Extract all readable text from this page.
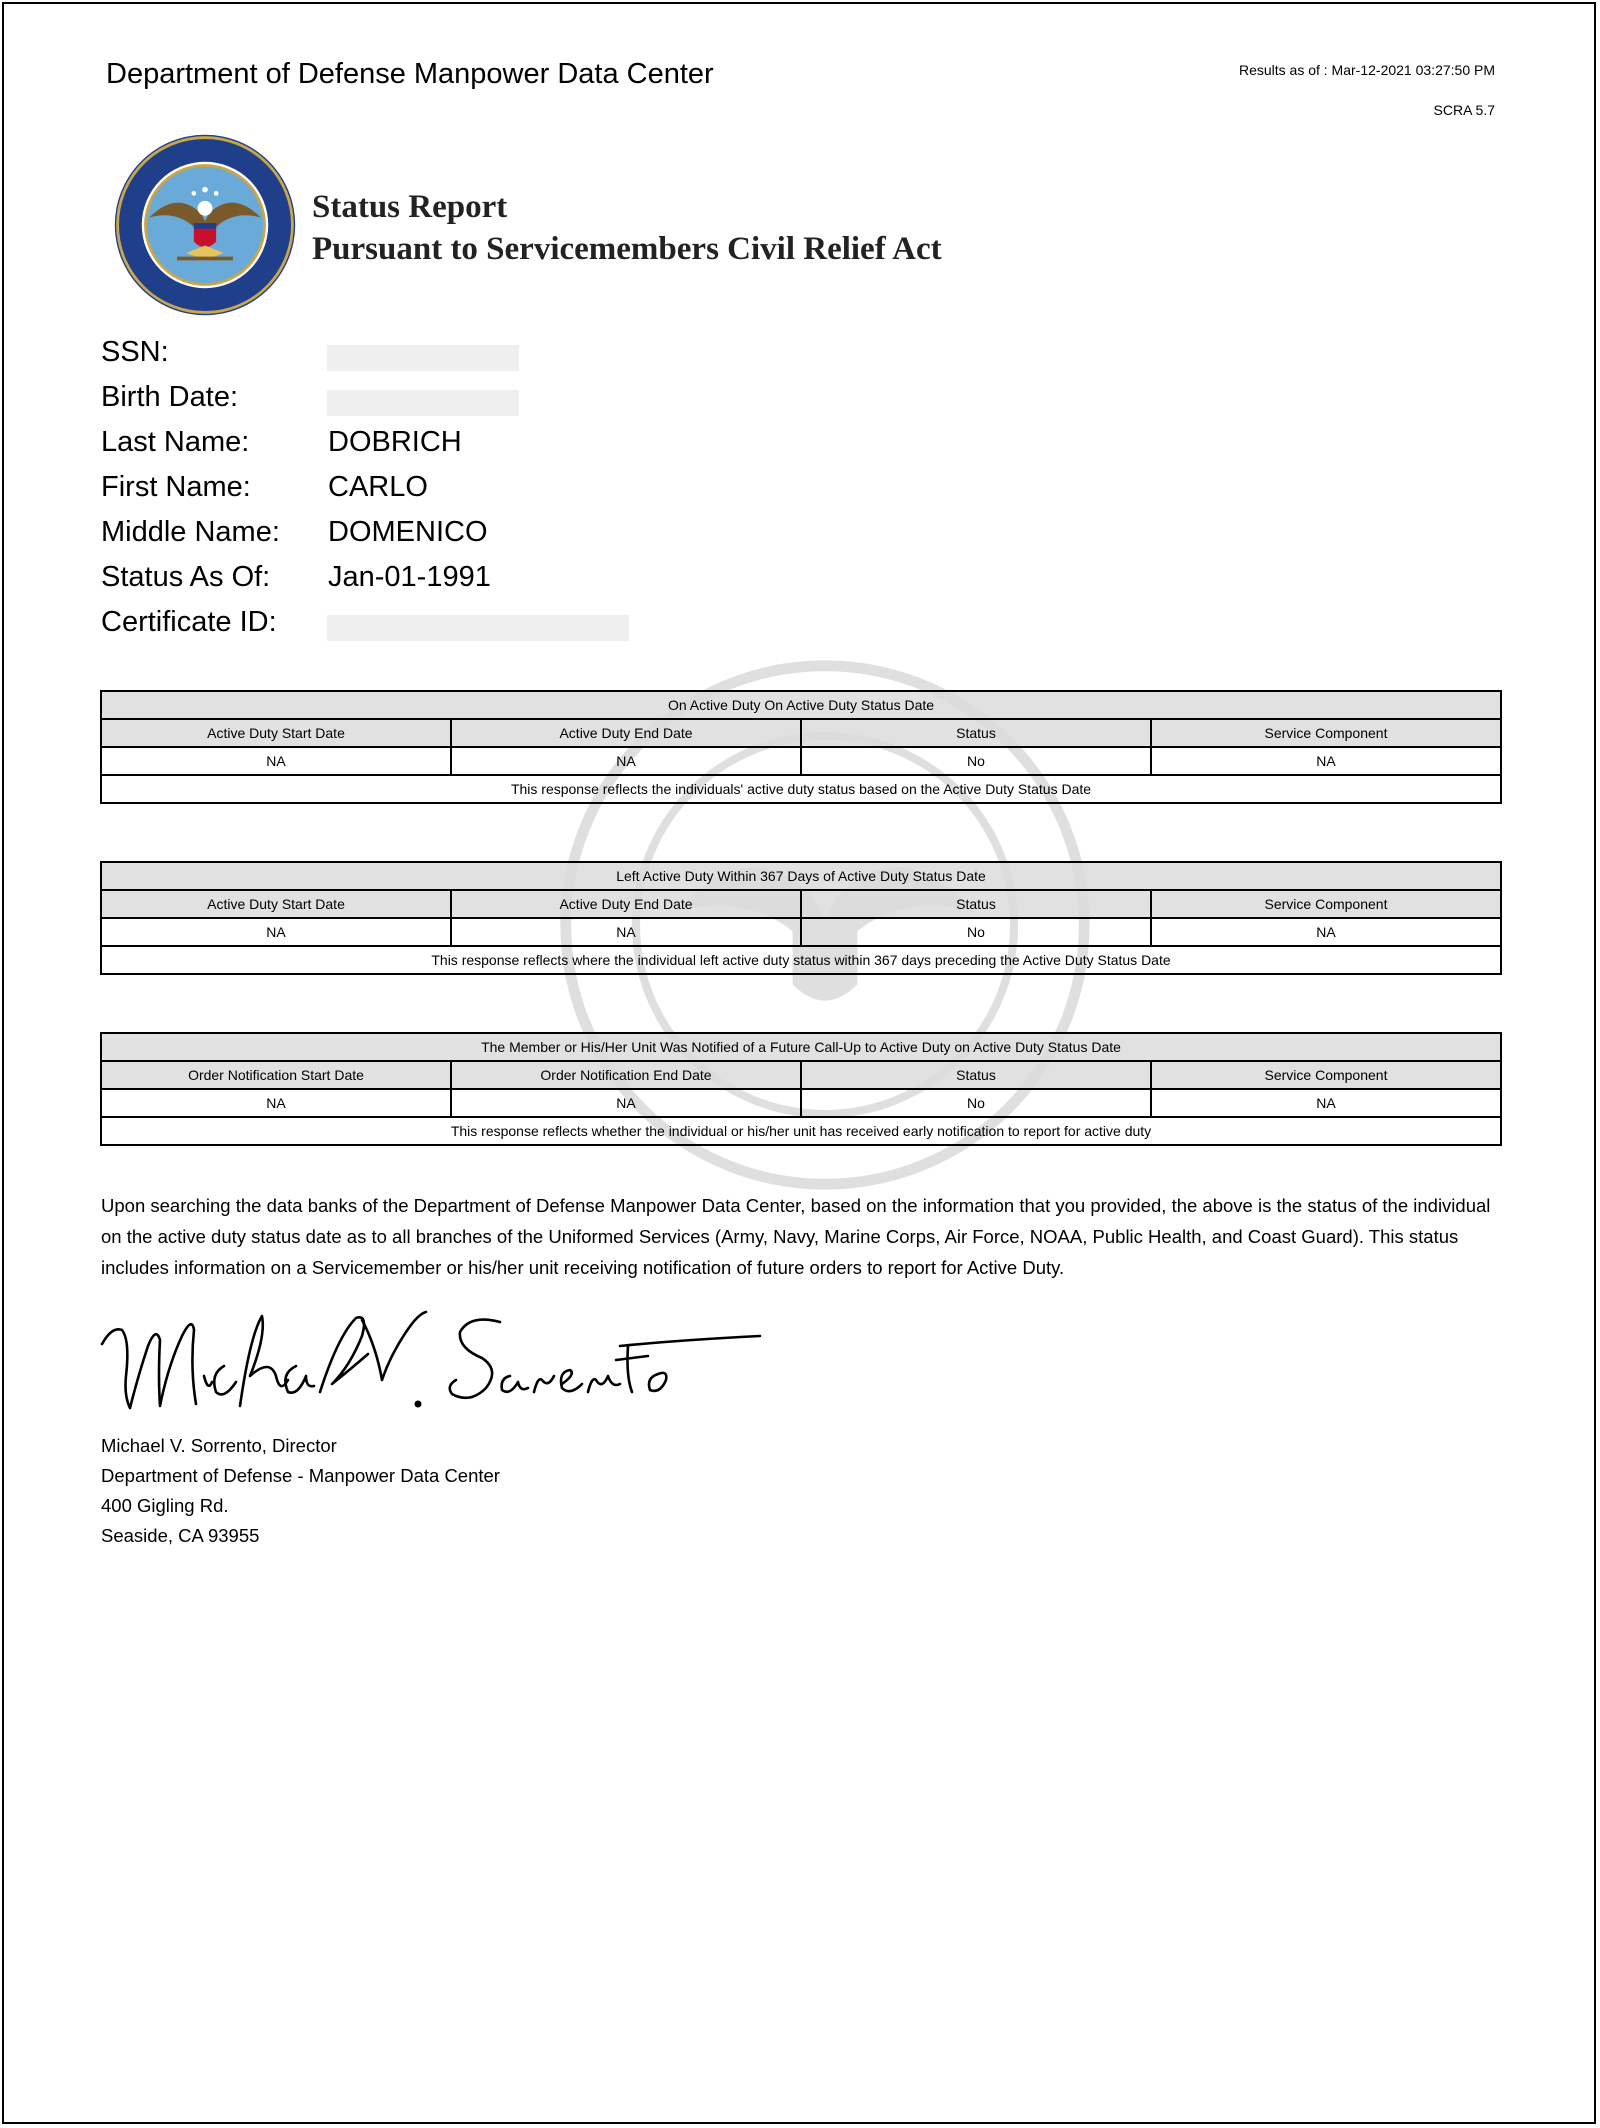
Department of Defense Manpower Data Center	Results as of : Mar-12-2021 03:27:50 PM
SCRA 5.7
Status Report
Pursuant to Servicemembers Civil Relief Act
SSN:
Birth Date:
Last Name:	DOBRICH
First Name:	CARLO
Middle Name: DOMENICO
Status As Of: Jan-01-1991
Certificate ID:
On Active Duty On Active Duty Status Date			
Active Duty Start Date	Active Duty End Date	Status	Service Component
NA	NA	No	NA
This response reflects the individuals' active duty status based on the Active Duty Status Date			
Left Active Duty Within 367 Days of Active Duty Status Date			
Active Duty Start Date	Active Duty End Date	Status	Service Component
NA	NA	No	NA
This response reflects where the individual left active duty status within 367 days preceding the Active Duty Status Date			
The Member or His/Her Unit Was Notified of a Future Call-Up to Active Duty on Active Duty Status Date			
Order Notification Start Date	Order Notification End Date	Status	Service Component
NA	NA	No	NA
This response reflects whether the individual or his/her unit has received early notification to report for active duty			
Upon searching the data banks of the Department of Defense Manpower Data Center, based on the information that you provided, the above is the status of the individual on the active duty status date as to all branches of the Uniformed Services (Army, Navy, Marine Corps, Air Force, NOAA, Public Health, and Coast Guard). This status includes information on a Servicemember or his/her unit receiving notification of future orders to report for Active Duty.
Michael V. Sorrento, Director
Department of Defense - Manpower Data Center
400 Gigling Rd.
Seaside, CA 93955
